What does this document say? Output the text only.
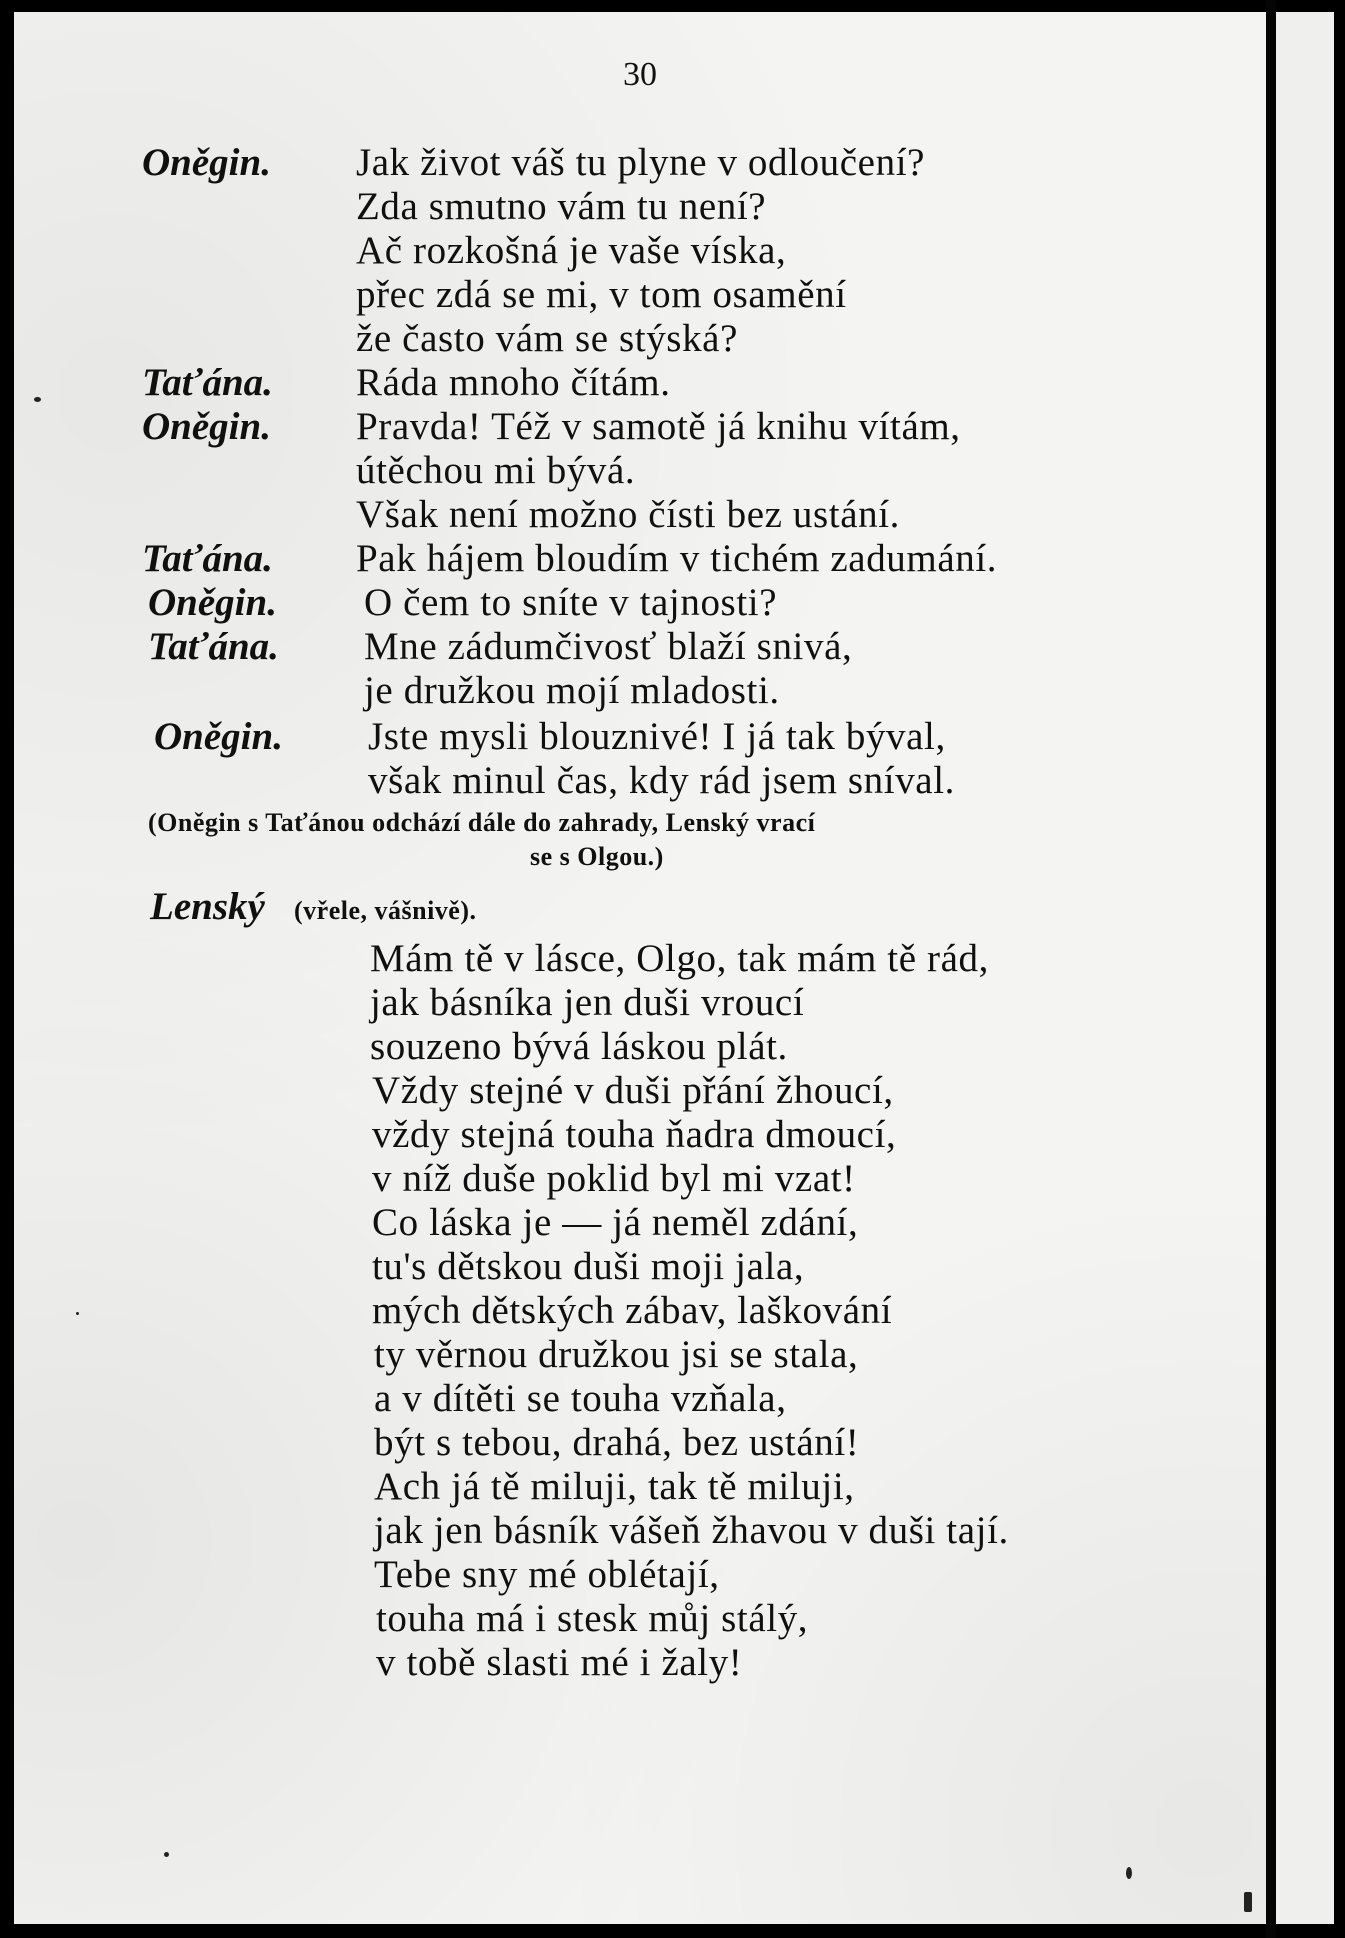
30
Oněgin. Jak život váš tu plyne v odloučení?
Zda smutno vám tu není?
Ač rozkošná je vaše víska,
přec zdá se mi, v tom osamění
že často vám se stýská?
Taťána. Ráda mnoho čítám.
Oněgin. Pravda! Též v samotě já knihu vítám,
útěchou mi bývá.
Však není možno čísti bez ustání.
Taťána. Pak hájem bloudím v tichém zadumání.
Oněgin. O čem to sníte v tajnosti?
Taťána. Mne zádumčivosť blaží snivá,
je družkou mojí mladosti.
Oněgin. Jste mysli blouznivé! I já tak býval,
však minul čas, kdy rád jsem sníval.
(Oněgin s Taťánou odchází dále do zahrady, Lenský vrací
se s Olgou.)
Lenský (vřele, vášnivě).
Mám tě v lásce, Olgo, tak mám tě rád,
jak básníka jen duši vroucí
souzeno bývá láskou plát.
Vždy stejné v duši přání žhoucí,
vždy stejná touha ňadra dmoucí,
v níž duše poklid byl mi vzat!
Co láska je — já neměl zdání,
tu's dětskou duši moji jala,
mých dětských zábav, laškování
ty věrnou družkou jsi se stala,
a v dítěti se touha vzňala,
být s tebou, drahá, bez ustání!
Ach já tě miluji, tak tě miluji,
jak jen básník vášeň žhavou v duši tají.
Tebe sny mé oblétají,
touha má i stesk můj stálý,
v tobě slasti mé i žaly!
